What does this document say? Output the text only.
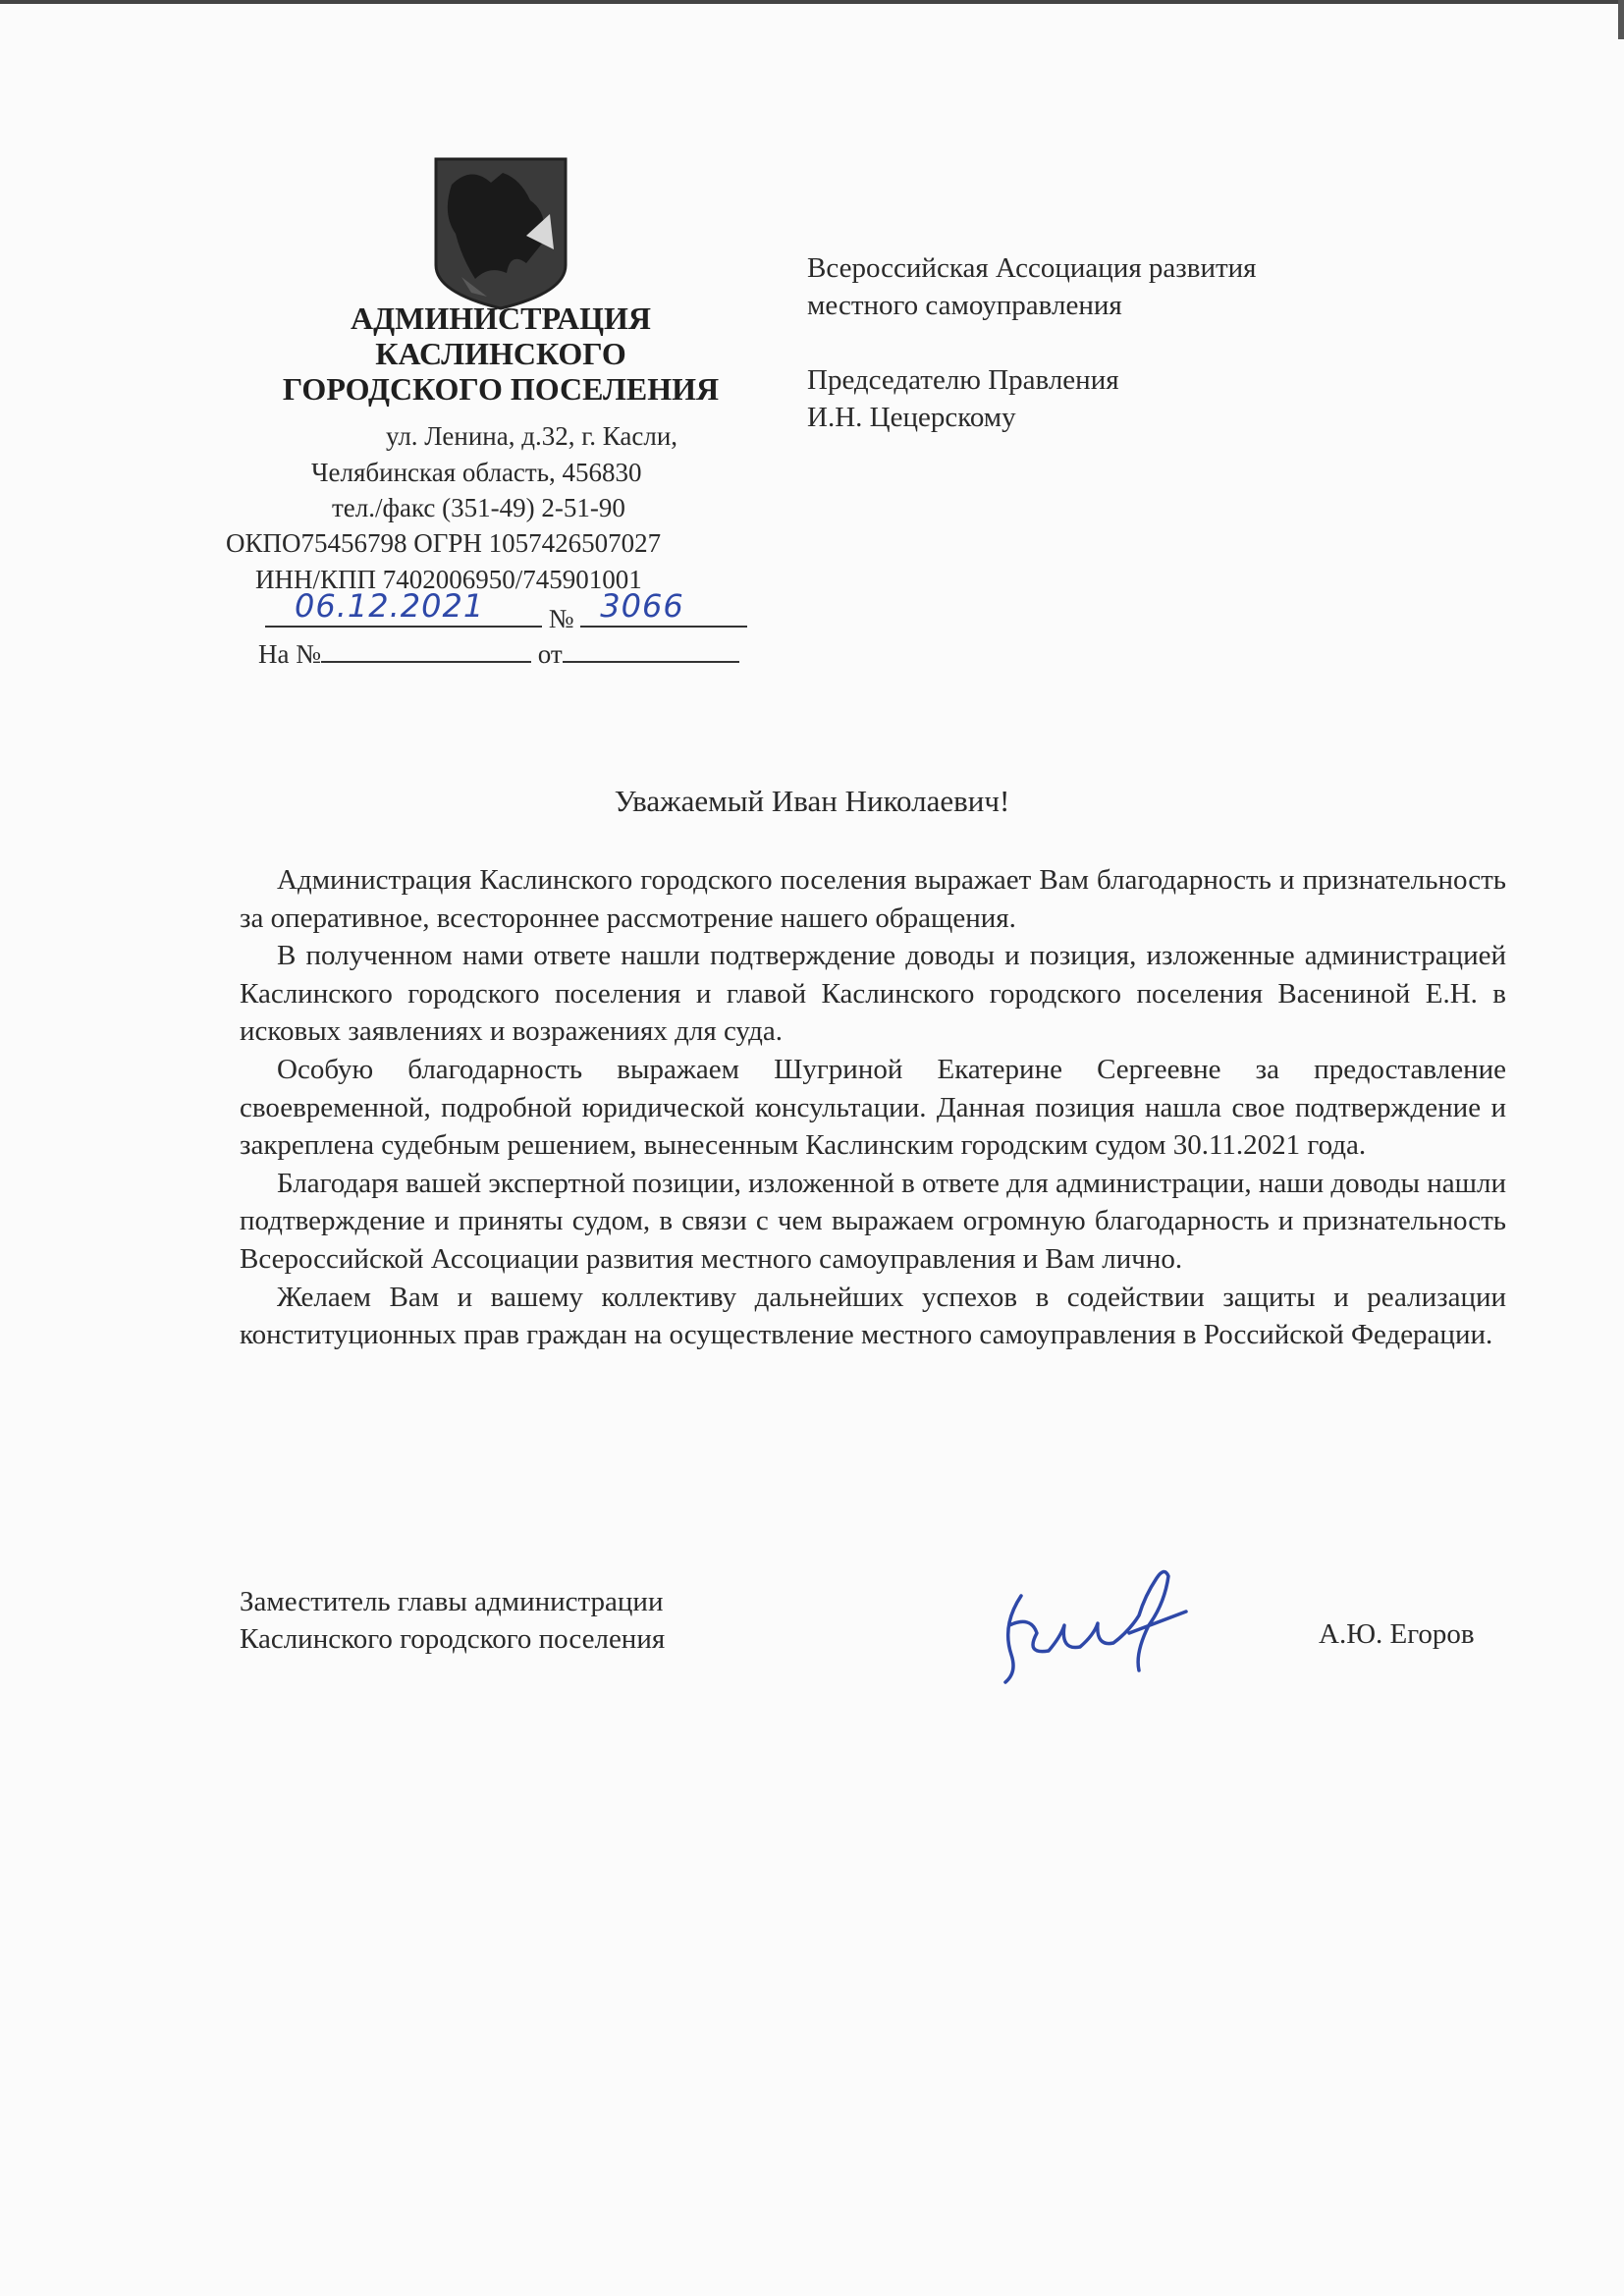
АДМИНИСТРАЦИЯ
КАСЛИНСКОГО
ГОРОДСКОГО ПОСЕЛЕНИЯ
ул. Ленина, д.32, г. Касли,
Челябинская область, 456830
тел./факс (351-49) 2-51-90
ОКПО75456798 ОГРН 1057426507027
ИНН/КПП 7402006950/745901001
06.12.2021 № 3066
На №	от
Всероссийская Ассоциация развития
местного самоуправления
Председателю Правления
И.Н. Цецерскому
Уважаемый Иван Николаевич!

Администрация Каслинского городского поселения выражает Вам благодарность и признательность за оперативное, всестороннее рассмотрение нашего обращения.

В полученном нами ответе нашли подтверждение доводы и позиция, изложенные администрацией Каслинского городского поселения и главой Каслинского городского поселения Васениной Е.Н. в исковых заявлениях и возражениях для суда.

Особую благодарность выражаем Шугриной Екатерине Сергеевне за предоставление своевременной, подробной юридической консультации. Данная позиция нашла свое подтверждение и закреплена судебным решением, вынесенным Каслинским городским судом 30.11.2021 года.

Благодаря вашей экспертной позиции, изложенной в ответе для администрации, наши доводы нашли подтверждение и приняты судом, в связи с чем выражаем огромную благодарность и признательность Всероссийской Ассоциации развития местного самоуправления и Вам лично.

Желаем Вам и вашему коллективу дальнейших успехов в содействии защиты и реализации конституционных прав граждан на осуществление местного самоуправления в Российской Федерации.

Заместитель главы администрации
Каслинского городского поселения	А.Ю. Егоров
